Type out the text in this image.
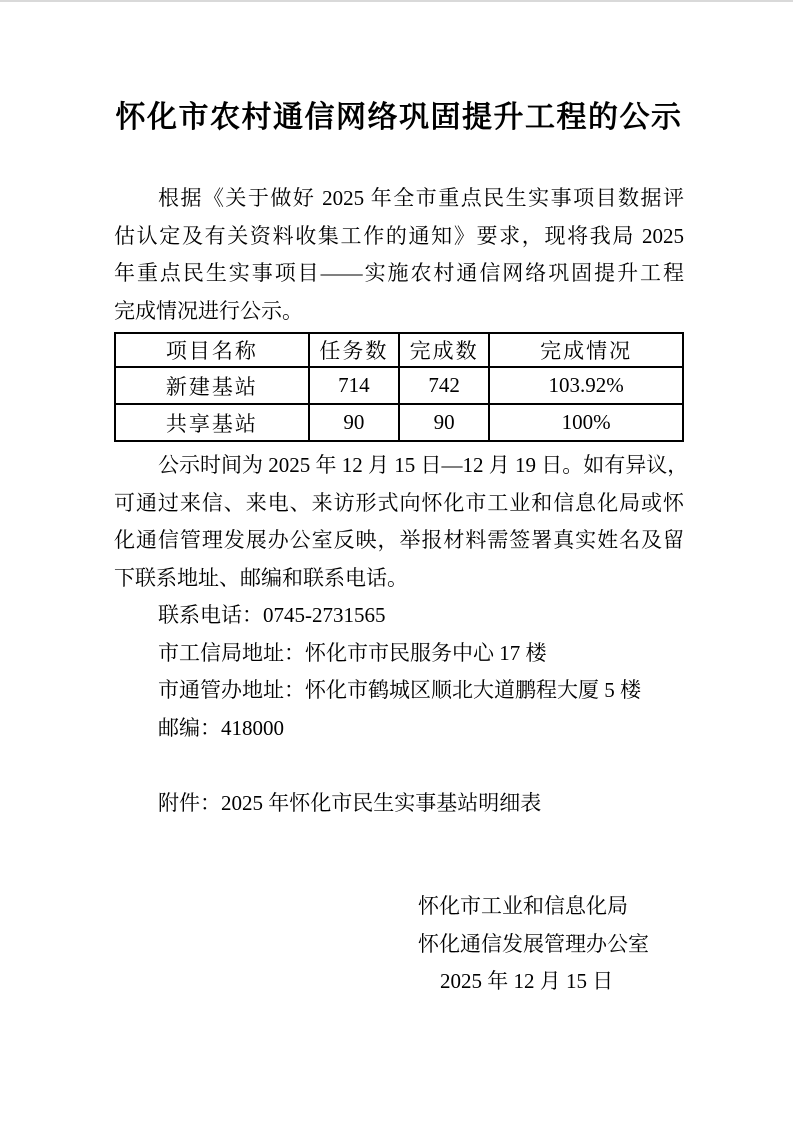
怀化市农村通信网络巩固提升工程的公示
根据《关于做好 2025 年全市重点民生实事项目数据评
估认定及有关资料收集工作的通知》要求，现将我局 2025
年重点民生实事项目——实施农村通信网络巩固提升工程
完成情况进行公示。
项目名称	任务数	完成数	完成情况
新建基站	714	742	103.92%
共享基站	90	90	100%
公示时间为 2025 年 12 月 15 日—12 月 19 日。如有异议，
可通过来信、来电、来访形式向怀化市工业和信息化局或怀
化通信管理发展办公室反映，举报材料需签署真实姓名及留
下联系地址、邮编和联系电话。
联系电话：0745-2731565
市工信局地址：怀化市市民服务中心 17 楼
市通管办地址：怀化市鹤城区顺北大道鹏程大厦 5 楼
邮编：418000
附件：2025 年怀化市民生实事基站明细表
怀化市工业和信息化局
怀化通信发展管理办公室
2025 年 12 月 15 日
